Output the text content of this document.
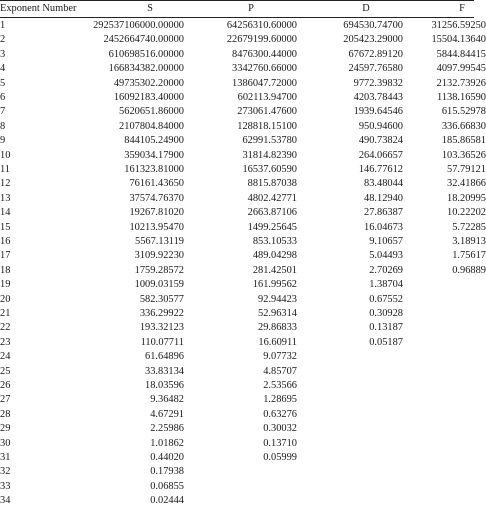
Exponent Number	S	P	D	F
1	292537106000.00000	64256310.60000	694530.74700	31256.59250
2	2452664740.00000	22679199.60000	205423.29000	15504.13640
3	610698516.00000	8476300.44000	67672.89120	5844.84415
4	166834382.00000	3342760.66000	24597.76580	4097.99545
5	49735302.20000	1386047.72000	9772.39832	2132.73926
6	16092183.40000	602113.94700	4203.78443	1138.16590
7	5620651.86000	273061.47600	1939.64546	615.52978
8	2107804.84000	128818.15100	950.94600	336.66830
9	844105.24900	62991.53780	490.73824	185.86581
10	359034.17900	31814.82390	264.06657	103.36526
11	161323.81000	16537.60590	146.77612	57.79121
12	76161.43650	8815.87038	83.48044	32.41866
13	37574.76370	4802.42771	48.12940	18.20995
14	19267.81020	2663.87106	27.86387	10.22202
15	10213.95470	1499.25645	16.04673	5.72285
16	5567.13119	853.10533	9.10657	3.18913
17	3109.92230	489.04298	5.04493	1.75617
18	1759.28572	281.42501	2.70269	0.96889
19	1009.03159	161.99562	1.38704
20	582.30577	92.94423	0.67552
21	336.29922	52.96314	0.30928
22	193.32123	29.86833	0.13187
23	110.07711	16.60911	0.05187
24	61.64896	9.07732
25	33.83134	4.85707
26	18.03596	2.53566
27	9.36482	1.28695
28	4.67291	0.63276
29	2.25986	0.30032
30	1.01862	0.13710
31	0.44020	0.05999
32	0.17938
33	0.06855
34	0.02444
